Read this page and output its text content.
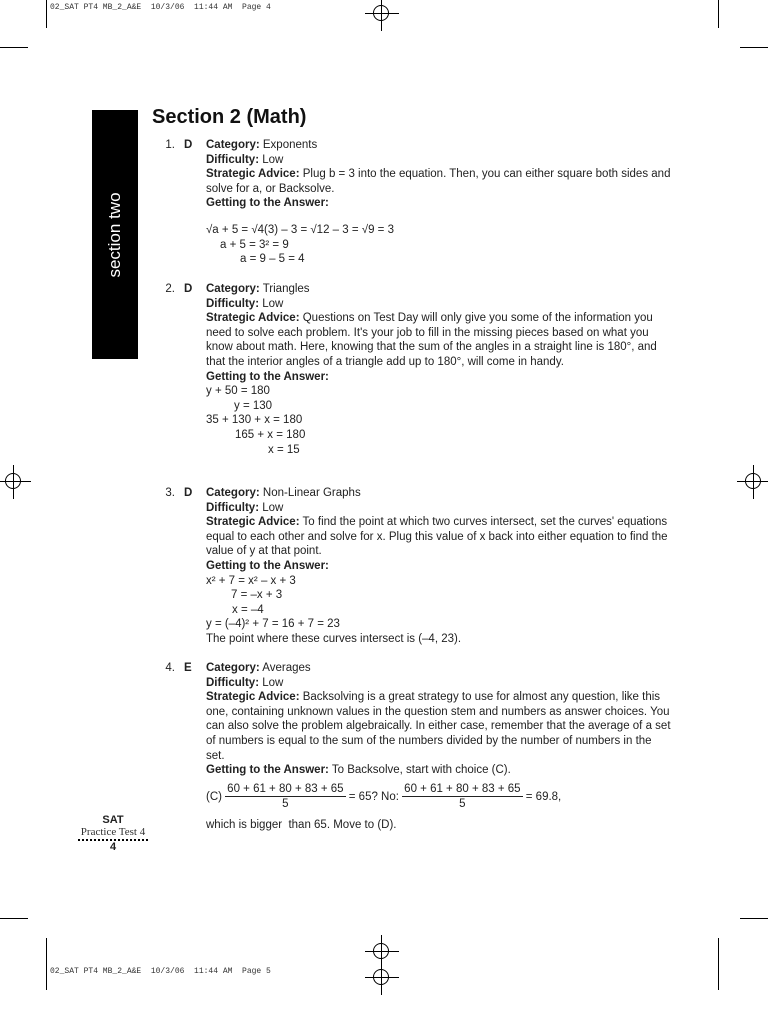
02_SAT PT4 MB_2_A&E  10/3/06  11:44 AM  Page 4
02_SAT PT4 MB_2_A&E  10/3/06  11:44 AM  Page 5
section two
Section 2 (Math)
1. D Category: Exponents

Difficulty: Low

Strategic Advice: Plug b = 3 into the equation. Then, you can either square both sides and solve for a, or Backsolve.

Getting to the Answer:

√a + 5 = √4(3) – 3 = √12 – 3 = √9 = 3

a + 5 = 3² = 9

a = 9 – 5 = 4

2. D Category: Triangles

Difficulty: Low

Strategic Advice: Questions on Test Day will only give you some of the information you need to solve each problem. It's your job to fill in the missing pieces based on what you know about math. Here, knowing that the sum of the angles in a straight line is 180°, and that the interior angles of a triangle add up to 180°, will come in handy.

Getting to the Answer:

y + 50 = 180

y = 130

35 + 130 + x = 180

165 + x = 180

x = 15

3. D Category: Non-Linear Graphs

Difficulty: Low

Strategic Advice: To find the point at which two curves intersect, set the curves' equations equal to each other and solve for x. Plug this value of x back into either equation to find the value of y at that point.

Getting to the Answer:

x² + 7 = x² – x + 3

7 = –x + 3

x = –4

y = (–4)² + 7 = 16 + 7 = 23

The point where these curves intersect is (–4, 23).

4. E Category: Averages

Difficulty: Low

Strategic Advice: Backsolving is a great strategy to use for almost any question, like this one, containing unknown values in the question stem and numbers as answer choices. You can also solve the problem algebraically. In either case, remember that the average of a set of numbers is equal to the sum of the numbers divided by the number of numbers in the set.

Getting to the Answer: To Backsolve, start with choice (C).

$(C) \frac{60 + 61 + 80 + 83 + 65}{5} = 65$? No: $\frac{60 + 61 + 80 + 83 + 65}{5} = 69.8$,

which is bigger  than 65. Move to (D).

SAT
Practice Test 4
4
